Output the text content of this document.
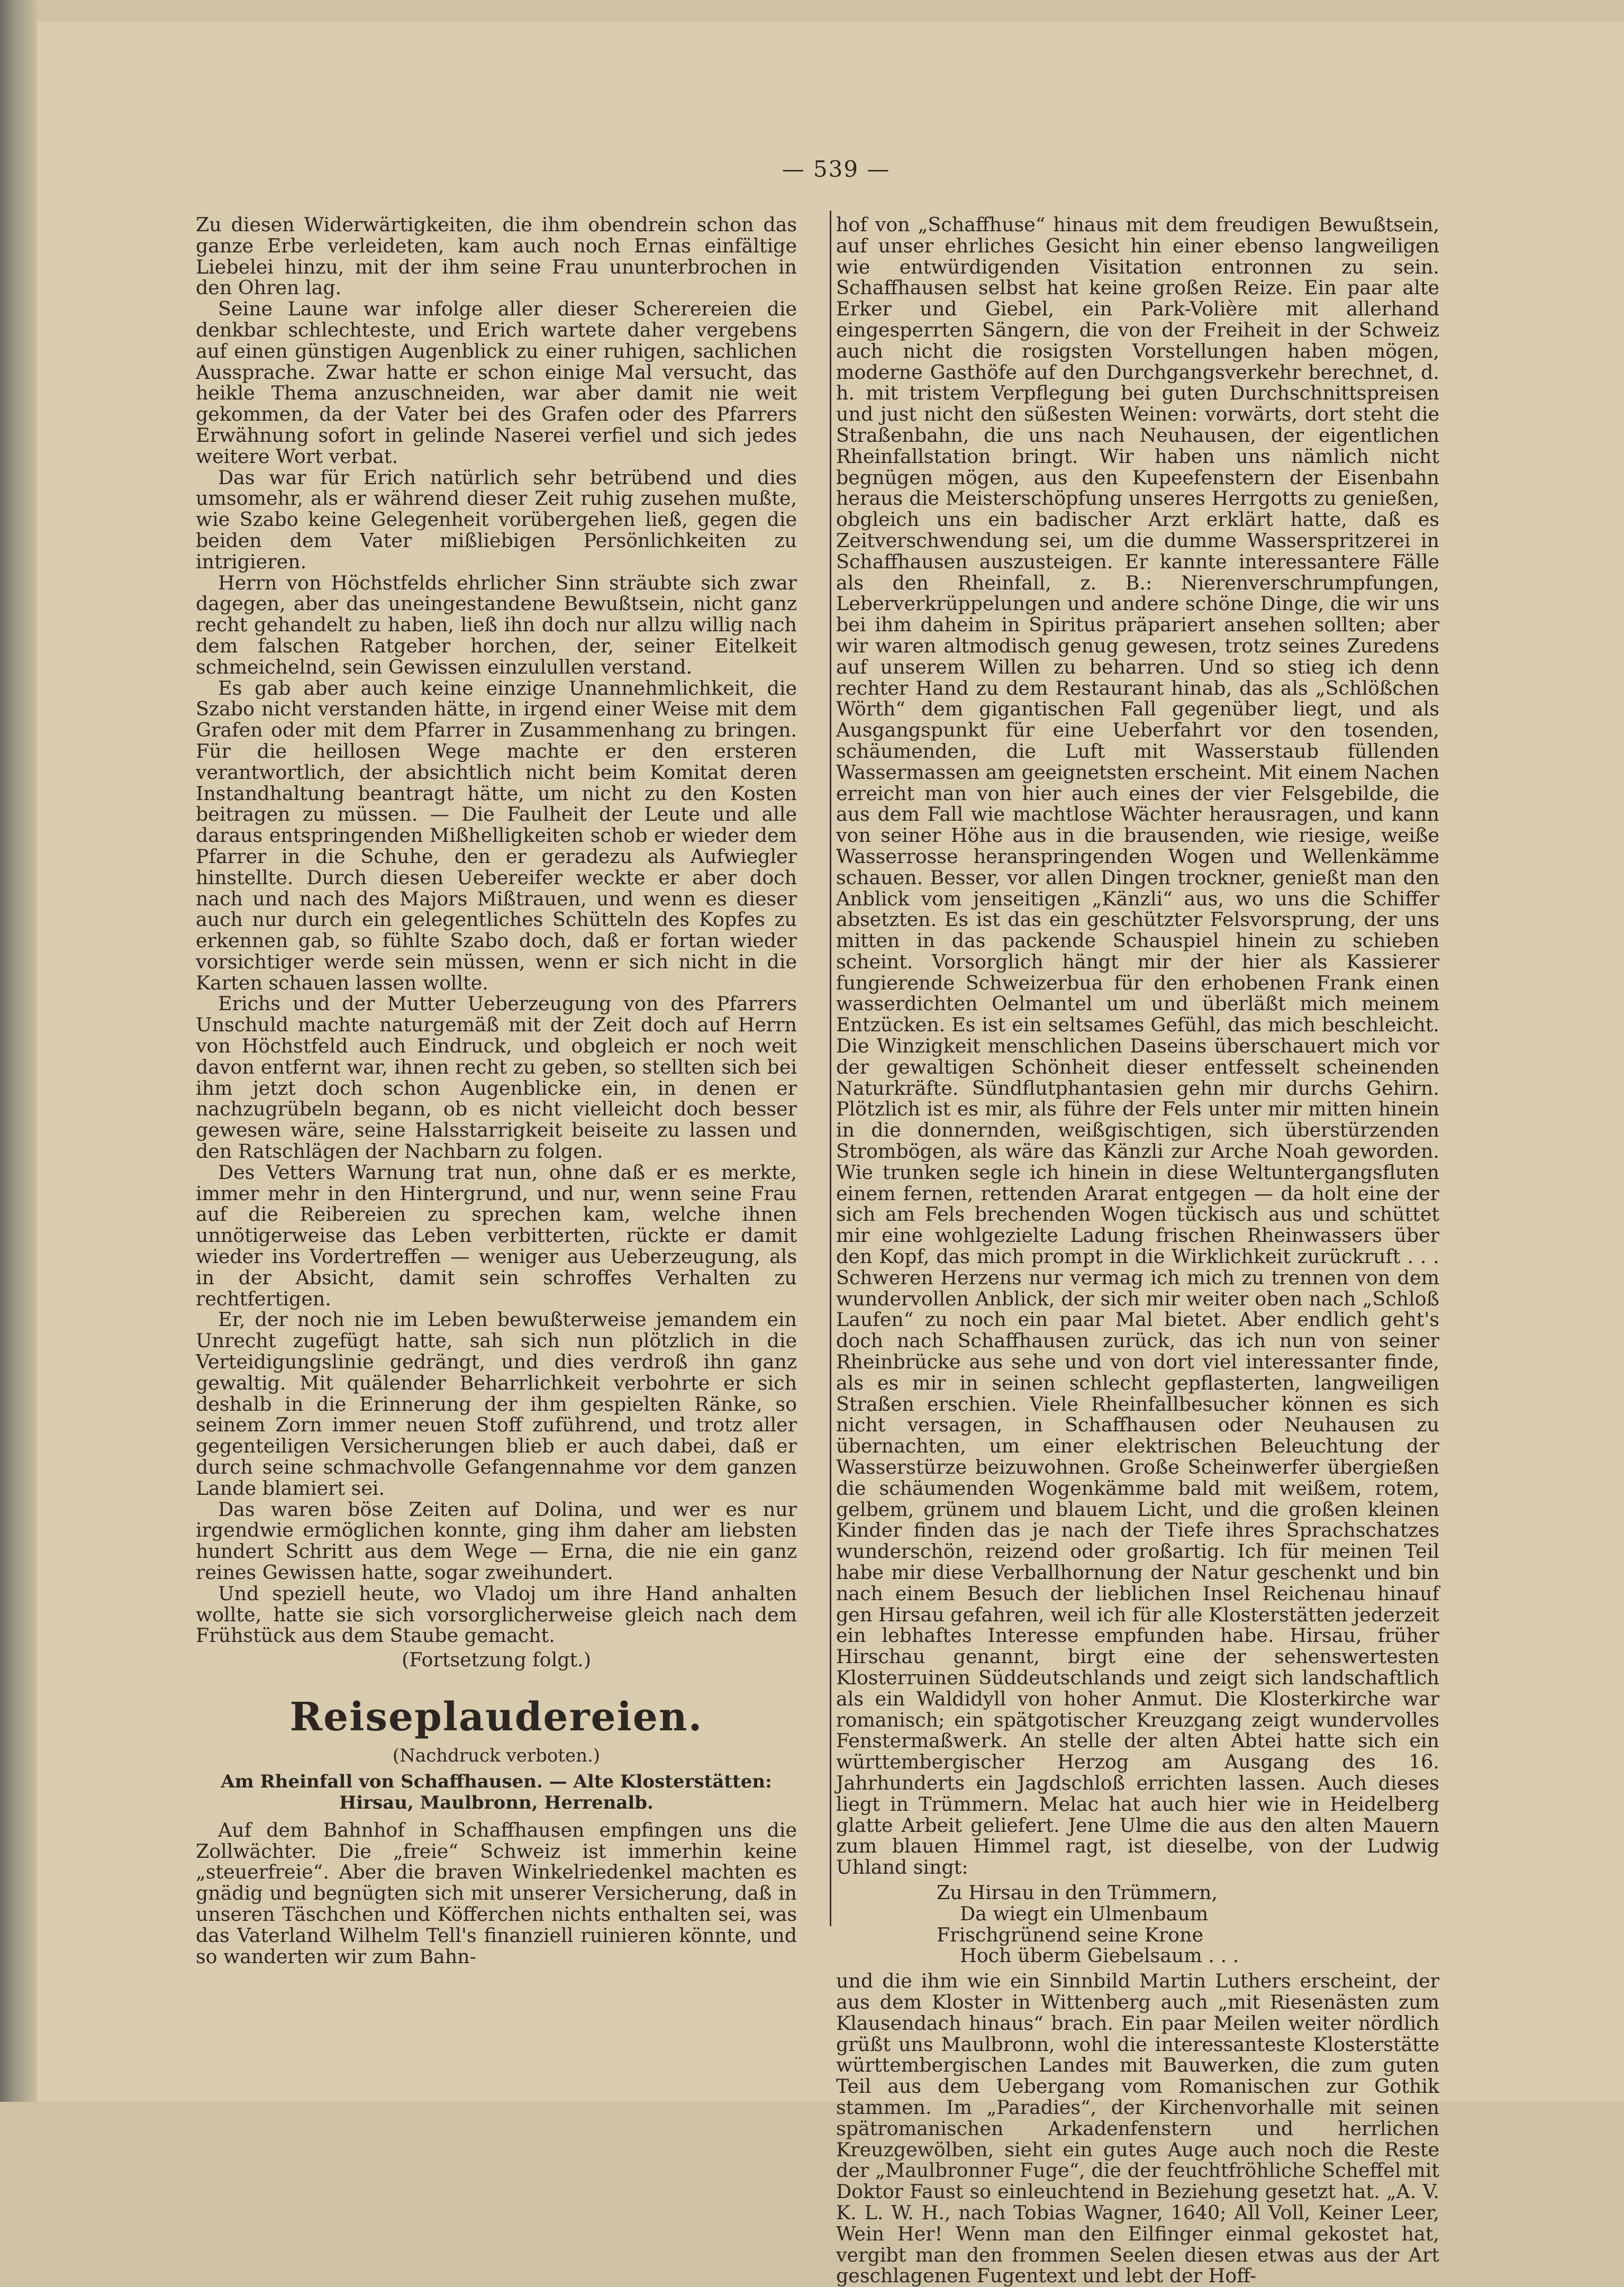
— 539 —

Zu diesen Widerwärtigkeiten, die ihm obendrein schon das ganze Erbe verleideten, kam auch noch Ernas einfältige Liebelei hinzu, mit der ihm seine Frau ununterbrochen in den Ohren lag.

Seine Laune war infolge aller dieser Scherereien die denkbar schlechteste, und Erich wartete daher vergebens auf einen günstigen Augenblick zu einer ruhigen, sachlichen Aussprache. Zwar hatte er schon einige Mal versucht, das heikle Thema anzuschneiden, war aber damit nie weit gekommen, da der Vater bei des Grafen oder des Pfarrers Erwähnung sofort in gelinde Naserei verfiel und sich jedes weitere Wort verbat.

Das war für Erich natürlich sehr betrübend und dies umsomehr, als er während dieser Zeit ruhig zusehen mußte, wie Szabo keine Gelegenheit vorübergehen ließ, gegen die beiden dem Vater mißliebigen Persönlichkeiten zu intrigieren.

Herrn von Höchstfelds ehrlicher Sinn sträubte sich zwar dagegen, aber das uneingestandene Bewußtsein, nicht ganz recht gehandelt zu haben, ließ ihn doch nur allzu willig nach dem falschen Ratgeber horchen, der, seiner Eitelkeit schmeichelnd, sein Gewissen einzulullen verstand.

Es gab aber auch keine einzige Unannehmlichkeit, die Szabo nicht verstanden hätte, in irgend einer Weise mit dem Grafen oder mit dem Pfarrer in Zusammenhang zu bringen. Für die heillosen Wege machte er den ersteren verantwortlich, der absichtlich nicht beim Komitat deren Instandhaltung beantragt hätte, um nicht zu den Kosten beitragen zu müssen. — Die Faulheit der Leute und alle daraus entspringenden Mißhelligkeiten schob er wieder dem Pfarrer in die Schuhe, den er geradezu als Aufwiegler hinstellte. Durch diesen Uebereifer weckte er aber doch nach und nach des Majors Mißtrauen, und wenn es dieser auch nur durch ein gelegentliches Schütteln des Kopfes zu erkennen gab, so fühlte Szabo doch, daß er fortan wieder vorsichtiger werde sein müssen, wenn er sich nicht in die Karten schauen lassen wollte.

Erichs und der Mutter Ueberzeugung von des Pfarrers Unschuld machte naturgemäß mit der Zeit doch auf Herrn von Höchstfeld auch Eindruck, und obgleich er noch weit davon entfernt war, ihnen recht zu geben, so stellten sich bei ihm jetzt doch schon Augenblicke ein, in denen er nachzugrübeln begann, ob es nicht vielleicht doch besser gewesen wäre, seine Halsstarrigkeit beiseite zu lassen und den Ratschlägen der Nachbarn zu folgen.

Des Vetters Warnung trat nun, ohne daß er es merkte, immer mehr in den Hintergrund, und nur, wenn seine Frau auf die Reibereien zu sprechen kam, welche ihnen unnötigerweise das Leben verbitterten, rückte er damit wieder ins Vordertreffen — weniger aus Ueberzeugung, als in der Absicht, damit sein schroffes Verhalten zu rechtfertigen.

Er, der noch nie im Leben bewußterweise jemandem ein Unrecht zugefügt hatte, sah sich nun plötzlich in die Verteidigungslinie gedrängt, und dies verdroß ihn ganz gewaltig. Mit quälender Beharrlichkeit verbohrte er sich deshalb in die Erinnerung der ihm gespielten Ränke, so seinem Zorn immer neuen Stoff zuführend, und trotz aller gegenteiligen Versicherungen blieb er auch dabei, daß er durch seine schmachvolle Gefangennahme vor dem ganzen Lande blamiert sei.

Das waren böse Zeiten auf Dolina, und wer es nur irgendwie ermöglichen konnte, ging ihm daher am liebsten hundert Schritt aus dem Wege — Erna, die nie ein ganz reines Gewissen hatte, sogar zweihundert.

Und speziell heute, wo Vladoj um ihre Hand anhalten wollte, hatte sie sich vorsorglicherweise gleich nach dem Frühstück aus dem Staube gemacht.

(Fortsetzung folgt.)

Reiseplaudereien.
(Nachdruck verboten.)
Am Rheinfall von Schaffhausen. — Alte Klosterstätten: Hirsau, Maulbronn, Herrenalb.

Auf dem Bahnhof in Schaffhausen empfingen uns die Zollwächter. Die „freie“ Schweiz ist immerhin keine „steuerfreie“. Aber die braven Winkelriedenkel machten es gnädig und begnügten sich mit unserer Versicherung, daß in unseren Täschchen und Köfferchen nichts enthalten sei, was das Vaterland Wilhelm Tell's finanziell ruinieren könnte, und so wanderten wir zum Bahn-

hof von „Schaffhuse“ hinaus mit dem freudigen Bewußtsein, auf unser ehrliches Gesicht hin einer ebenso langweiligen wie entwürdigenden Visitation entronnen zu sein. Schaffhausen selbst hat keine großen Reize. Ein paar alte Erker und Giebel, ein Park-Volière mit allerhand eingesperrten Sängern, die von der Freiheit in der Schweiz auch nicht die rosigsten Vorstellungen haben mögen, moderne Gasthöfe auf den Durchgangsverkehr berechnet, d. h. mit tristem Verpflegung bei guten Durchschnittspreisen und just nicht den süßesten Weinen: vorwärts, dort steht die Straßenbahn, die uns nach Neuhausen, der eigentlichen Rheinfallstation bringt. Wir haben uns nämlich nicht begnügen mögen, aus den Kupeefenstern der Eisenbahn heraus die Meisterschöpfung unseres Herrgotts zu genießen, obgleich uns ein badischer Arzt erklärt hatte, daß es Zeitverschwendung sei, um die dumme Wasserspritzerei in Schaffhausen auszusteigen. Er kannte interessantere Fälle als den Rheinfall, z. B.: Nierenverschrumpfungen, Leberverkrüppelungen und andere schöne Dinge, die wir uns bei ihm daheim in Spiritus präpariert ansehen sollten; aber wir waren altmodisch genug gewesen, trotz seines Zuredens auf unserem Willen zu beharren. Und so stieg ich denn rechter Hand zu dem Restaurant hinab, das als „Schlößchen Wörth“ dem gigantischen Fall gegenüber liegt, und als Ausgangspunkt für eine Ueberfahrt vor den tosenden, schäumenden, die Luft mit Wasserstaub füllenden Wassermassen am geeignetsten erscheint. Mit einem Nachen erreicht man von hier auch eines der vier Felsgebilde, die aus dem Fall wie machtlose Wächter herausragen, und kann von seiner Höhe aus in die brausenden, wie riesige, weiße Wasserrosse heranspringenden Wogen und Wellenkämme schauen. Besser, vor allen Dingen trockner, genießt man den Anblick vom jenseitigen „Känzli“ aus, wo uns die Schiffer absetzten. Es ist das ein geschützter Felsvorsprung, der uns mitten in das packende Schauspiel hinein zu schieben scheint. Vorsorglich hängt mir der hier als Kassierer fungierende Schweizerbua für den erhobenen Frank einen wasserdichten Oelmantel um und überläßt mich meinem Entzücken. Es ist ein seltsames Gefühl, das mich beschleicht. Die Winzigkeit menschlichen Daseins überschauert mich vor der gewaltigen Schönheit dieser entfesselt scheinenden Naturkräfte. Sündflutphantasien gehn mir durchs Gehirn. Plötzlich ist es mir, als führe der Fels unter mir mitten hinein in die donnernden, weißgischtigen, sich überstürzenden Strombögen, als wäre das Känzli zur Arche Noah geworden. Wie trunken segle ich hinein in diese Weltuntergangsfluten einem fernen, rettenden Ararat entgegen — da holt eine der sich am Fels brechenden Wogen tückisch aus und schüttet mir eine wohlgezielte Ladung frischen Rheinwassers über den Kopf, das mich prompt in die Wirklichkeit zurückruft . . . Schweren Herzens nur vermag ich mich zu trennen von dem wundervollen Anblick, der sich mir weiter oben nach „Schloß Laufen“ zu noch ein paar Mal bietet. Aber endlich geht's doch nach Schaffhausen zurück, das ich nun von seiner Rheinbrücke aus sehe und von dort viel interessanter finde, als es mir in seinen schlecht gepflasterten, langweiligen Straßen erschien. Viele Rheinfallbesucher können es sich nicht versagen, in Schaffhausen oder Neuhausen zu übernachten, um einer elektrischen Beleuchtung der Wasserstürze beizuwohnen. Große Scheinwerfer übergießen die schäumenden Wogenkämme bald mit weißem, rotem, gelbem, grünem und blauem Licht, und die großen kleinen Kinder finden das je nach der Tiefe ihres Sprachschatzes wunderschön, reizend oder großartig. Ich für meinen Teil habe mir diese Verballhornung der Natur geschenkt und bin nach einem Besuch der lieblichen Insel Reichenau hinauf gen Hirsau gefahren, weil ich für alle Klosterstätten jederzeit ein lebhaftes Interesse empfunden habe. Hirsau, früher Hirschau genannt, birgt eine der sehenswertesten Klosterruinen Süddeutschlands und zeigt sich landschaftlich als ein Waldidyll von hoher Anmut. Die Klosterkirche war romanisch; ein spätgotischer Kreuzgang zeigt wundervolles Fenstermaßwerk. An stelle der alten Abtei hatte sich ein württembergischer Herzog am Ausgang des 16. Jahrhunderts ein Jagdschloß errichten lassen. Auch dieses liegt in Trümmern. Melac hat auch hier wie in Heidelberg glatte Arbeit geliefert. Jene Ulme die aus den alten Mauern zum blauen Himmel ragt, ist dieselbe, von der Ludwig Uhland singt:

Zu Hirsau in den Trümmern,
Da wiegt ein Ulmenbaum
Frischgrünend seine Krone
Hoch überm Giebelsaum . . .

und die ihm wie ein Sinnbild Martin Luthers erscheint, der aus dem Kloster in Wittenberg auch „mit Riesenästen zum Klausendach hinaus“ brach. Ein paar Meilen weiter nördlich grüßt uns Maulbronn, wohl die interessanteste Klosterstätte württembergischen Landes mit Bauwerken, die zum guten Teil aus dem Uebergang vom Romanischen zur Gothik stammen. Im „Paradies“, der Kirchenvorhalle mit seinen spätromanischen Arkadenfenstern und herrlichen Kreuzgewölben, sieht ein gutes Auge auch noch die Reste der „Maulbronner Fuge“, die der feuchtfröhliche Scheffel mit Doktor Faust so einleuchtend in Beziehung gesetzt hat. „A. V. K. L. W. H., nach Tobias Wagner, 1640; All Voll, Keiner Leer, Wein Her! Wenn man den Eilfinger einmal gekostet hat, vergibt man den frommen Seelen diesen etwas aus der Art geschlagenen Fugentext und lebt der Hoff-
